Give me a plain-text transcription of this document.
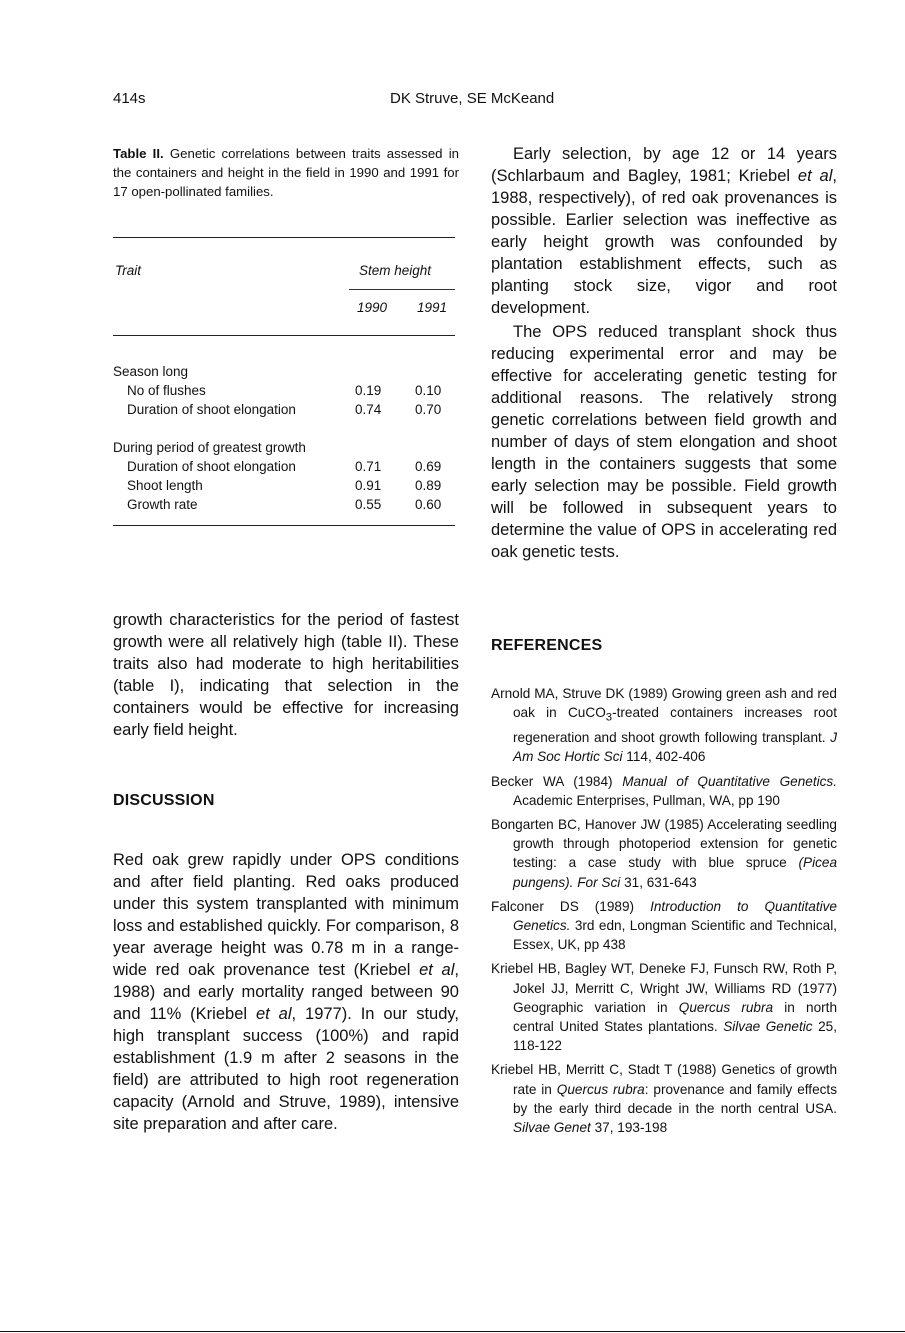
414s	DK Struve, SE McKeand
Table II. Genetic correlations between traits assessed in the containers and height in the field in 1990 and 1991 for 17 open-pollinated families.
Trait	Stem height
1990 1991
Season long
No of flushes	0.19 0.10
Duration of shoot elongation	0.74 0.70
During period of greatest growth
Duration of shoot elongation	0.71 0.69
Shoot length	0.91 0.89
Growth rate	0.55 0.60

growth characteristics for the period of fastest growth were all relatively high (table II). These traits also had moderate to high heritabilities (table I), indicating that selection in the containers would be effective for increasing early field height.

DISCUSSION

Red oak grew rapidly under OPS conditions and after field planting. Red oaks produced under this system transplanted with minimum loss and established quickly. For comparison, 8 year average height was 0.78 m in a range-wide red oak provenance test (Kriebel et al, 1988) and early mortality ranged between 90 and 11% (Kriebel et al, 1977). In our study, high transplant success (100%) and rapid establishment (1.9 m after 2 seasons in the field) are attributed to high root regeneration capacity (Arnold and Struve, 1989), intensive site preparation and after care.

Early selection, by age 12 or 14 years (Schlarbaum and Bagley, 1981; Kriebel et al, 1988, respectively), of red oak provenances is possible. Earlier selection was ineffective as early height growth was confounded by plantation establishment effects, such as planting stock size, vigor and root development.

The OPS reduced transplant shock thus reducing experimental error and may be effective for accelerating genetic testing for additional reasons. The relatively strong genetic correlations between field growth and number of days of stem elongation and shoot length in the containers suggests that some early selection may be possible. Field growth will be followed in subsequent years to determine the value of OPS in accelerating red oak genetic tests.

REFERENCES
Arnold MA, Struve DK (1989) Growing green ash and red oak in CuCO$_3$-treated containers increases root regeneration and shoot growth following transplant. J Am Soc Hortic Sci 114, 402-406
Becker WA (1984) Manual of Quantitative Genetics. Academic Enterprises, Pullman, WA, pp 190
Bongarten BC, Hanover JW (1985) Accelerating seedling growth through photoperiod extension for genetic testing: a case study with blue spruce (Picea pungens). For Sci 31, 631-643
Falconer DS (1989) Introduction to Quantitative Genetics. 3rd edn, Longman Scientific and Technical, Essex, UK, pp 438
Kriebel HB, Bagley WT, Deneke FJ, Funsch RW, Roth P, Jokel JJ, Merritt C, Wright JW, Williams RD (1977) Geographic variation in Quercus rubra in north central United States plantations. Silvae Genetic 25, 118-122
Kriebel HB, Merritt C, Stadt T (1988) Genetics of growth rate in Quercus rubra: provenance and family effects by the early third decade in the north central USA. Silvae Genet 37, 193-198
